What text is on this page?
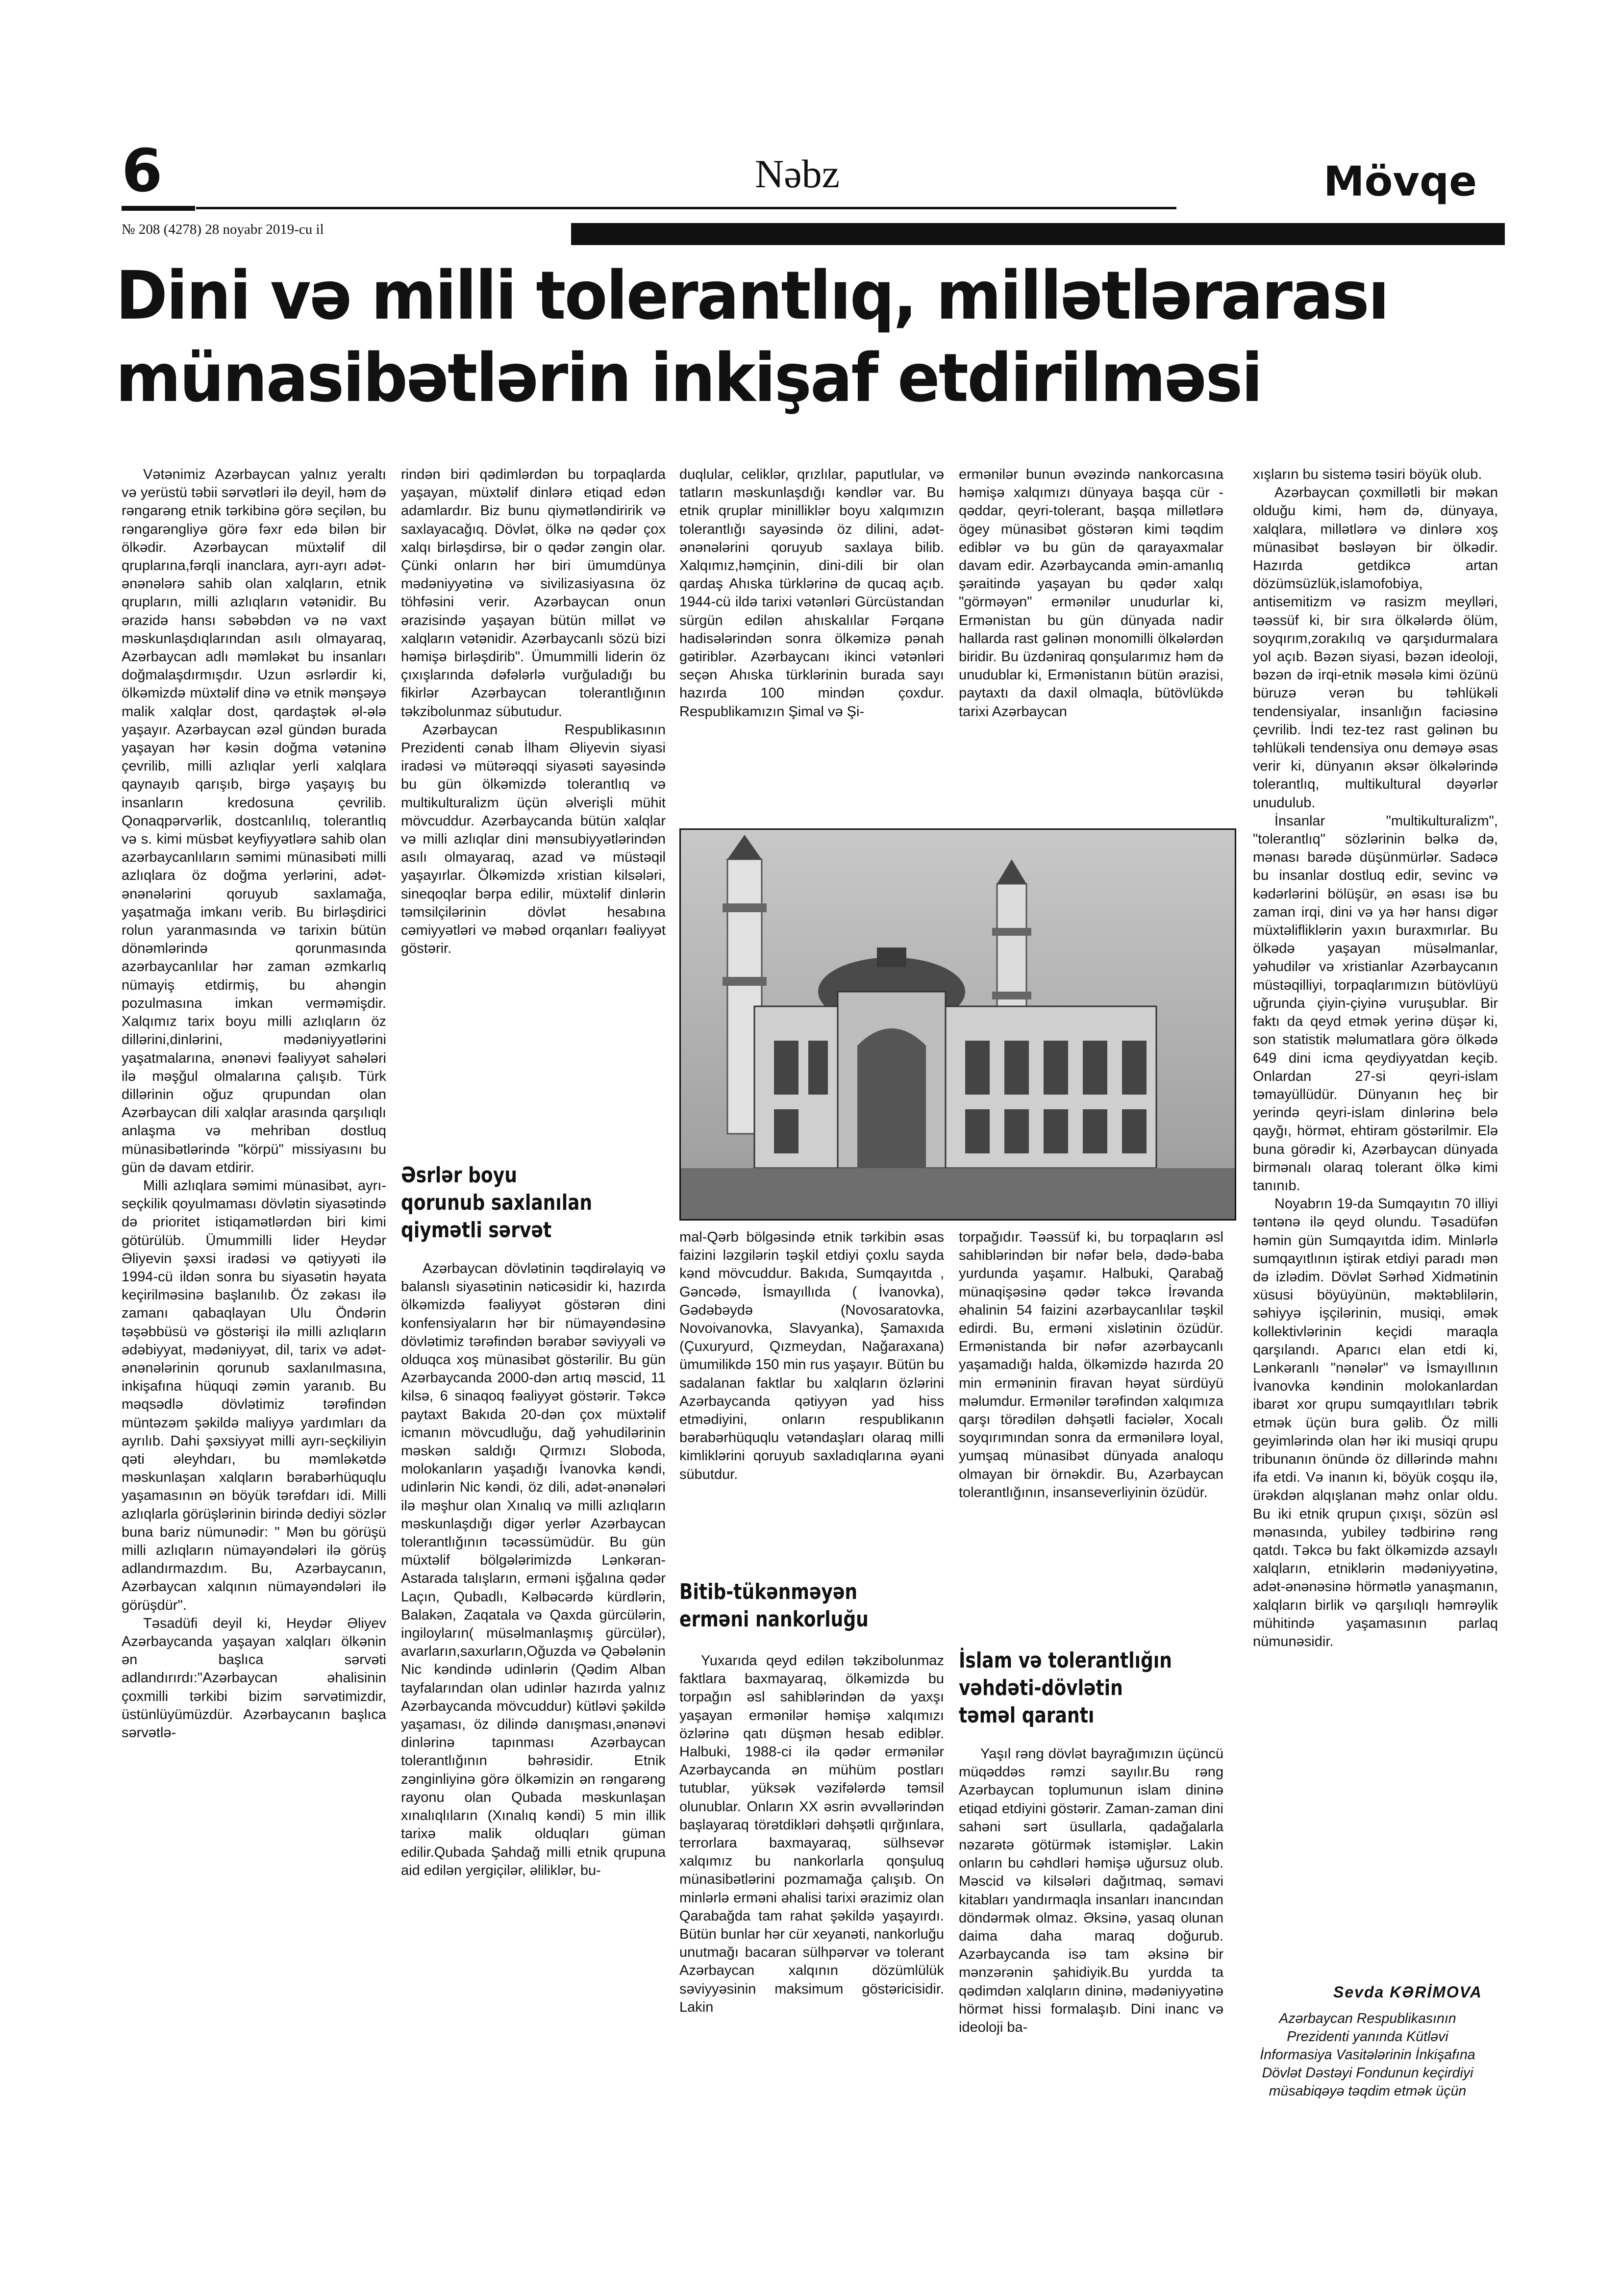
6	Nəbz	Mövqe
№ 208 (4278) 28 noyabr 2019-cu il
Dini və milli tolerantlıq, millətlərarası
münasibətlərin inkişaf etdirilməsi

Vətənimiz Azərbaycan yalnız yeraltı və yerüstü təbii sərvətləri ilə deyil, həm də rəngarəng etnik tərkibinə görə seçilən, bu rəngarəngliyə görə fəxr edə bilən bir ölkədir. Azərbaycan müxtəlif dil qruplarına,fərqli inanclara, ayrı-ayrı adət-ənənələrə sahib olan xalqların, etnik qrupların, milli azlıqların vətənidir. Bu ərazidə hansı səbəbdən və nə vaxt məskunlaşdıqlarından asılı olmayaraq, Azərbaycan adlı məmləkət bu insanları doğmalaşdırmışdır. Uzun əsrlərdir ki, ölkəmizdə müxtəlif dinə və etnik mənşəyə malik xalqlar dost, qardaştək əl-ələ yaşayır. Azərbaycan əzəl gündən burada yaşayan hər kəsin doğma vətəninə çevrilib, milli azlıqlar yerli xalqlara qaynayıb qarışıb, birgə yaşayış bu insanların kredosuna çevrilib. Qonaqpərvərlik, dostcanlılıq, tolerantlıq və s. kimi müsbət keyfiyyətlərə sahib olan azərbaycanlıların səmimi münasibəti milli azlıqlara öz doğma yerlərini, adət-ənənələrini qoruyub saxlamağa, yaşatmağa imkanı verib. Bu birləşdirici rolun yaranmasında və tarixin bütün dönəmlərində qorunmasında azərbaycanlılar hər zaman əzmkarlıq nümayiş etdirmiş, bu ahəngin pozulmasına imkan verməmişdir. Xalqımız tarix boyu milli azlıqların öz dillərini,dinlərini, mədəniyyətlərini yaşatmalarına, ənənəvi fəaliyyət sahələri ilə məşğul olmalarına çalışıb. Türk dillərinin oğuz qrupundan olan Azərbaycan dili xalqlar arasında qarşılıqlı anlaşma və mehriban dostluq münasibətlərində "körpü" missiyasını bu gün də davam etdirir.

Milli azlıqlara səmimi münasibət, ayrı-seçkilik qoyulmaması dövlətin siyasətində də prioritet istiqamətlərdən biri kimi götürülüb. Ümummilli lider Heydər Əliyevin şəxsi iradəsi və qətiyyəti ilə 1994-cü ildən sonra bu siyasətin həyata keçirilməsinə başlanılıb. Öz zəkası ilə zamanı qabaqlayan Ulu Öndərin təşəbbüsü və göstərişi ilə milli azlıqların ədəbiyyat, mədəniyyət, dil, tarix və adət-ənənələrinin qorunub saxlanılmasına, inkişafına hüquqi zəmin yaranıb. Bu məqsədlə dövlətimiz tərəfindən müntəzəm şəkildə maliyyə yardımları da ayrılıb. Dahi şəxsiyyət milli ayrı-seçkiliyin qəti əleyhdarı, bu məmləkətdə məskunlaşan xalqların bərabərhüquqlu yaşamasının ən böyük tərəfdarı idi. Milli azlıqlarla görüşlərinin birində dediyi sözlər buna bariz nümunədir: " Mən bu görüşü milli azlıqların nümayəndələri ilə görüş adlandırmazdım. Bu, Azərbaycanın, Azərbaycan xalqının nümayəndələri ilə görüşdür".

Təsadüfi deyil ki, Heydər Əliyev Azərbaycanda yaşayan xalqları ölkənin ən başlıca sərvəti adlandırırdı:"Azərbaycan əhalisinin çoxmilli tərkibi bizim sərvətimizdir, üstünlüyümüzdür. Azərbaycanın başlıca sərvətlə-

rindən biri qədimlərdən bu torpaqlarda yaşayan, müxtəlif dinlərə etiqad edən adamlardır. Biz bunu qiymətləndiririk və saxlayacağıq. Dövlət, ölkə nə qədər çox xalqı birləşdirsə, bir o qədər zəngin olar. Çünki onların hər biri ümumdünya mədəniyyətinə və sivilizasiyasına öz töhfəsini verir. Azərbaycan onun ərazisində yaşayan bütün millət və xalqların vətənidir. Azərbaycanlı sözü bizi həmişə birləşdirib". Ümummilli liderin öz çıxışlarında dəfələrlə vurğuladığı bu fikirlər Azərbaycan tolerantlığının təkzibolunmaz sübutudur.

Azərbaycan Respublikasının Prezidenti cənab İlham Əliyevin siyasi iradəsi və mütərəqqi siyasəti sayəsində bu gün ölkəmizdə tolerantlıq və multikulturalizm üçün əlverişli mühit mövcuddur. Azərbaycanda bütün xalqlar və milli azlıqlar dini mənsubiyyətlərindən asılı olmayaraq, azad və müstəqil yaşayırlar. Ölkəmizdə xristian kilsələri, sineqoqlar bərpa edilir, müxtəlif dinlərin təmsilçilərinin dövlət hesabına cəmiyyətləri və məbəd orqanları fəaliyyət göstərir.

Əsrlər boyu
qorunub saxlanılan
qiymətli sərvət

Azərbaycan dövlətinin təqdirəlayiq və balanslı siyasətinin nəticəsidir ki, hazırda ölkəmizdə fəaliyyət göstərən dini konfensiyaların hər bir nümayəndəsinə dövlətimiz tərəfindən bərabər səviyyəli və olduqca xoş münasibət göstərilir. Bu gün Azərbaycanda 2000-dən artıq məscid, 11 kilsə, 6 sinaqoq fəaliyyət göstərir. Təkcə paytaxt Bakıda 20-dən çox müxtəlif icmanın mövcudluğu, dağ yəhudilərinin məskən saldığı Qırmızı Sloboda, molokanların yaşadığı İvanovka kəndi, udinlərin Nic kəndi, öz dili, adət-ənənələri ilə məşhur olan Xınalıq və milli azlıqların məskunlaşdığı digər yerlər Azərbaycan tolerantlığının təcəssümüdür. Bu gün müxtəlif bölgələrimizdə Lənkəran-Astarada talışların, erməni işğalına qədər Laçın, Qubadlı, Kəlbəcərdə kürdlərin, Balakən, Zaqatala və Qaxda gürcülərin, ingiloyların( müsəlmanlaşmış gürcülər), avarların,saxurların,Oğuzda və Qəbələnin Nic kəndində udinlərin (Qədim Alban tayfalarından olan udinlər hazırda yalnız Azərbaycanda mövcuddur) kütləvi şəkildə yaşaması, öz dilində danışması,ənənəvi dinlərinə tapınması Azərbaycan tolerantlığının bəhrəsidir. Etnik zənginliyinə görə ölkəmizin ən rəngarəng rayonu olan Qubada məskunlaşan xınalıqlıların (Xınalıq kəndi) 5 min illik tarixə malik olduqları güman edilir.Qubada Şahdağ milli etnik qrupuna aid edilən yergiçilər, əliliklər, bu-

duqlular, celiklər, qrızlılar, paputlular, və tatların məskunlaşdığı kəndlər var. Bu etnik qruplar minilliklər boyu xalqımızın tolerantlığı sayəsində öz dilini, adət-ənənələrini qoruyub saxlaya bilib. Xalqımız,həmçinin, dini-dili bir olan qardaş Ahıska türklərinə də qucaq açıb. 1944-cü ildə tarixi vətənləri Gürcüstandan sürgün edilən ahıskalılar Fərqanə hadisələrindən sonra ölkəmizə pənah gətiriblər. Azərbaycanı ikinci vətənləri seçən Ahıska türklərinin burada sayı hazırda 100 mindən çoxdur. Respublikamızın Şimal və Şi-

ermənilər bunun əvəzində nankorcasına həmişə xalqımızı dünyaya başqa cür - qəddar, qeyri-tolerant, başqa millətlərə ögey münasibət göstərən kimi təqdim ediblər və bu gün də qarayaxmalar davam edir. Azərbaycanda əmin-amanlıq şəraitində yaşayan bu qədər xalqı "görməyən" ermənilər unudurlar ki, Ermənistan bu gün dünyada nadir hallarda rast gəlinən monomilli ölkələrdən biridir. Bu üzdəniraq qonşularımız həm də unudublar ki, Ermənistanın bütün ərazisi, paytaxtı da daxil olmaqla, bütövlükdə tarixi Azərbaycan

mal-Qərb bölgəsində etnik tərkibin əsas faizini ləzgilərin təşkil etdiyi çoxlu sayda kənd mövcuddur. Bakıda, Sumqayıtda , Gəncədə, İsmayıllıda ( İvanovka), Gədəbəydə (Novosaratovka, Novoivanovka, Slavyanka), Şamaxıda (Çuxuryurd, Qızmeydan, Nağaraxana) ümumilikdə 150 min rus yaşayır. Bütün bu sadalanan faktlar bu xalqların özlərini Azərbaycanda qətiyyən yad hiss etmədiyini, onların respublikanın bərabərhüquqlu vətəndaşları olaraq milli kimliklərini qoruyub saxladıqlarına əyani sübutdur.

Bitib-tükənməyən
erməni nankorluğu

Yuxarıda qeyd edilən təkzibolunmaz faktlara baxmayaraq, ölkəmizdə bu torpağın əsl sahiblərindən də yaxşı yaşayan ermənilər həmişə xalqımızı özlərinə qatı düşmən hesab ediblər. Halbuki, 1988-ci ilə qədər ermənilər Azərbaycanda ən mühüm postları tutublar, yüksək vəzifələrdə təmsil olunublar. Onların XX əsrin əvvəllərindən başlayaraq törətdikləri dəhşətli qırğınlara, terrorlara baxmayaraq, sülhsevər xalqımız bu nankorlarla qonşuluq münasibətlərini pozmamağa çalışıb. On minlərlə erməni əhalisi tarixi ərazimiz olan Qarabağda tam rahat şəkildə yaşayırdı. Bütün bunlar hər cür xeyanəti, nankorluğu unutmağı bacaran sülhpərvər və tolerant Azərbaycan xalqının dözümlülük səviyyəsinin maksimum göstəricisidir. Lakin

torpağıdır. Təəssüf ki, bu torpaqların əsl sahiblərindən bir nəfər belə, dədə-baba yurdunda yaşamır. Halbuki, Qarabağ münaqişəsinə qədər təkcə İrəvanda əhalinin 54 faizini azərbaycanlılar təşkil edirdi. Bu, erməni xislətinin özüdür. Ermənistanda bir nəfər azərbaycanlı yaşamadığı halda, ölkəmizdə hazırda 20 min erməninin firavan həyat sürdüyü məlumdur. Ermənilər tərəfindən xalqımıza qarşı törədilən dəhşətli faciələr, Xocalı soyqırımından sonra da ermənilərə loyal, yumşaq münasibət dünyada analoqu olmayan bir örnəkdir. Bu, Azərbaycan tolerantlığının, insanseverliyinin özüdür.

İslam və tolerantlığın
vəhdəti-dövlətin
təməl qarantı

Yaşıl rəng dövlət bayrağımızın üçüncü müqəddəs rəmzi sayılır.Bu rəng Azərbaycan toplumunun islam dininə etiqad etdiyini göstərir. Zaman-zaman dini sahəni sərt üsullarla, qadağalarla nəzarətə götürmək istəmişlər. Lakin onların bu cəhdləri həmişə uğursuz olub. Məscid və kilsələri dağıtmaq, səmavi kitabları yandırmaqla insanları inancından döndərmək olmaz. Əksinə, yasaq olunan daima daha maraq doğurub. Azərbaycanda isə tam əksinə bir mənzərənin şahidiyik.Bu yurdda ta qədimdən xalqların dininə, mədəniyyətinə hörmət hissi formalaşıb. Dini inanc və ideoloji ba-

xışların bu sistemə təsiri böyük olub.

Azərbaycan çoxmillətli bir məkan olduğu kimi, həm də, dünyaya, xalqlara, millətlərə və dinlərə xoş münasibət bəsləyən bir ölkədir. Hazırda getdikcə artan dözümsüzlük,islamofobiya, antisemitizm və rasizm meylləri, təəssüf ki, bir sıra ölkələrdə ölüm, soyqırım,zorakılıq və qarşıdurmalara yol açıb. Bəzən siyasi, bəzən ideoloji, bəzən də irqi-etnik məsələ kimi özünü büruzə verən bu təhlükəli tendensiyalar, insanlığın faciəsinə çevrilib. İndi tez-tez rast gəlinən bu təhlükəli tendensiya onu deməyə əsas verir ki, dünyanın əksər ölkələrində tolerantlıq, multikultural dəyərlər unudulub.

İnsanlar "multikulturalizm", "tolerantlıq" sözlərinin bəlkə də, mənası barədə düşünmürlər. Sadəcə bu insanlar dostluq edir, sevinc və kədərlərini bölüşür, ən əsası isə bu zaman irqi, dini və ya hər hansı digər müxtəlifliklərin yaxın buraxmırlar. Bu ölkədə yaşayan müsəlmanlar, yəhudilər və xristianlar Azərbaycanın müstəqilliyi, torpaqlarımızın bütövlüyü uğrunda çiyin-çiyinə vuruşublar. Bir faktı da qeyd etmək yerinə düşər ki, son statistik məlumatlara görə ölkədə 649 dini icma qeydiyyatdan keçib. Onlardan 27-si qeyri-islam təmayüllüdür. Dünyanın heç bir yerində qeyri-islam dinlərinə belə qayğı, hörmət, ehtiram göstərilmir. Elə buna görədir ki, Azərbaycan dünyada birmənalı olaraq tolerant ölkə kimi tanınıb.

Noyabrın 19-da Sumqayıtın 70 illiyi təntənə ilə qeyd olundu. Təsadüfən həmin gün Sumqayıtda idim. Minlərlə sumqayıtlının iştirak etdiyi paradı mən də izlədim. Dövlət Sərhəd Xidmətinin xüsusi böyüyünün, məktəblilərin, səhiyyə işçilərinin, musiqi, əmək kollektivlərinin keçidi maraqla qarşılandı. Aparıcı elan etdi ki, Lənkəranlı "nənələr" və İsmayıllının İvanovka kəndinin molokanlardan ibarət xor qrupu sumqayıtlıları təbrik etmək üçün bura gəlib. Öz milli geyimlərində olan hər iki musiqi qrupu tribunanın önündə öz dillərində mahnı ifa etdi. Və inanın ki, böyük coşqu ilə, ürəkdən alqışlanan məhz onlar oldu. Bu iki etnik qrupun çıxışı, sözün əsl mənasında, yubiley tədbirinə rəng qatdı. Təkcə bu fakt ölkəmizdə azsaylı xalqların, etniklərin mədəniyyətinə, adət-ənənəsinə hörmətlə yanaşmanın, xalqların birlik və qarşılıqlı həmrəylik mühitində yaşamasının parlaq nümunəsidir.

Sevda KƏRİMOVA
Azərbaycan Respublikasının Prezidenti yanında Kütləvi İnformasiya Vasitələrinin İnkişafına Dövlət Dəstəyi Fondunun keçirdiyi müsabiqəyə təqdim etmək üçün
